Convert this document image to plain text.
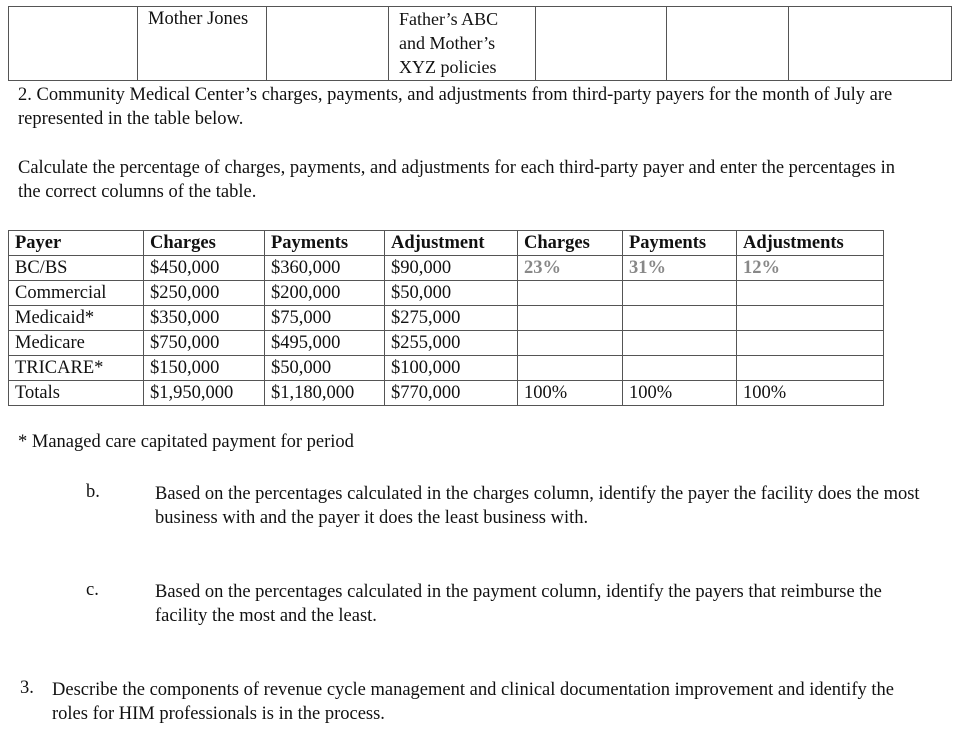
	Mother Jones		Father’s ABC and Mother’s XYZ policies			

2. Community Medical Center’s charges, payments, and adjustments from third-party payers for the month of July are represented in the table below.

Calculate the percentage of charges, payments, and adjustments for each third-party payer and enter the percentages in the correct columns of the table.

Payer	Charges	Payments	Adjustment	Charges	Payments	Adjustments
BC/BS	$450,000	$360,000	$90,000	23%	31%	12%
Commercial	$250,000	$200,000	$50,000			
Medicaid*	$350,000	$75,000	$275,000			
Medicare	$750,000	$495,000	$255,000			
TRICARE*	$150,000	$50,000	$100,000			
Totals	$1,950,000	$1,180,000	$770,000	100%	100%	100%
* Managed care capitated payment for period
b.	Based on the percentages calculated in the charges column, identify the payer the facility does the most business with and the payer it does the least business with.

c.	Based on the percentages calculated in the payment column, identify the payers that reimburse the facility the most and the least.

3. Describe the components of revenue cycle management and clinical documentation improvement and identify the roles for HIM professionals is in the process.
